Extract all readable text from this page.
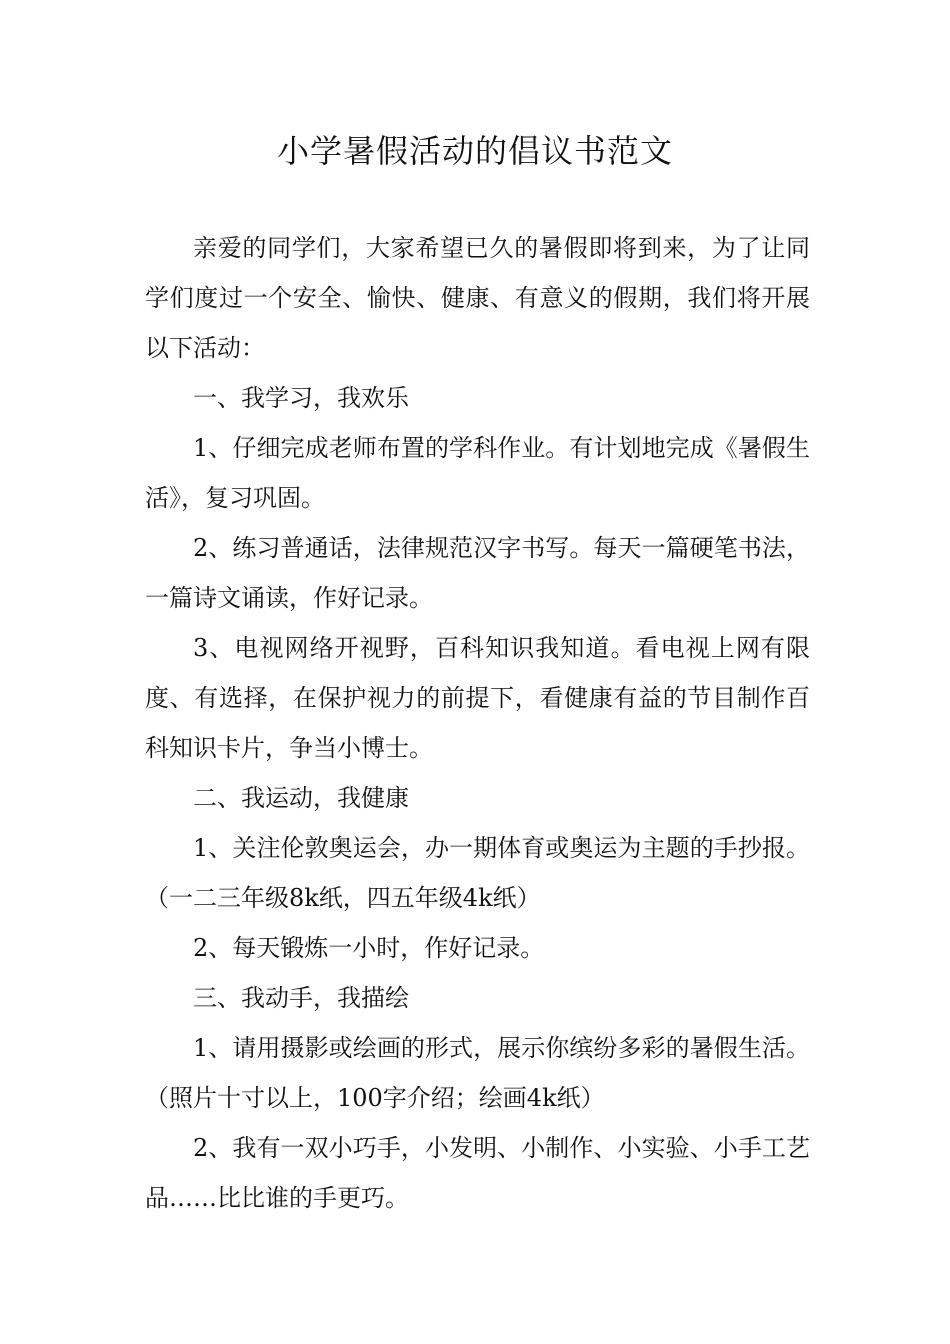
小学暑假活动的倡议书范文

亲爱的同学们，大家希望已久的暑假即将到来，为了让同学们度过一个安全、愉快、健康、有意义的假期，我们将开展以下活动：

一、我学习，我欢乐

1、仔细完成老师布置的学科作业。有计划地完成《暑假生活》，复习巩固。

2、练习普通话，法律规范汉字书写。每天一篇硬笔书法，一篇诗文诵读，作好记录。

3、电视网络开视野，百科知识我知道。看电视上网有限度、有选择，在保护视力的前提下，看健康有益的节目制作百科知识卡片，争当小博士。

二、我运动，我健康

1、关注伦敦奥运会，办一期体育或奥运为主题的手抄报。（一二三年级8k纸，四五年级4k纸）

2、每天锻炼一小时，作好记录。

三、我动手，我描绘

1、请用摄影或绘画的形式，展示你缤纷多彩的暑假生活。（照片十寸以上，100字介绍；绘画4k纸）

2、我有一双小巧手，小发明、小制作、小实验、小手工艺品……比比谁的手更巧。
